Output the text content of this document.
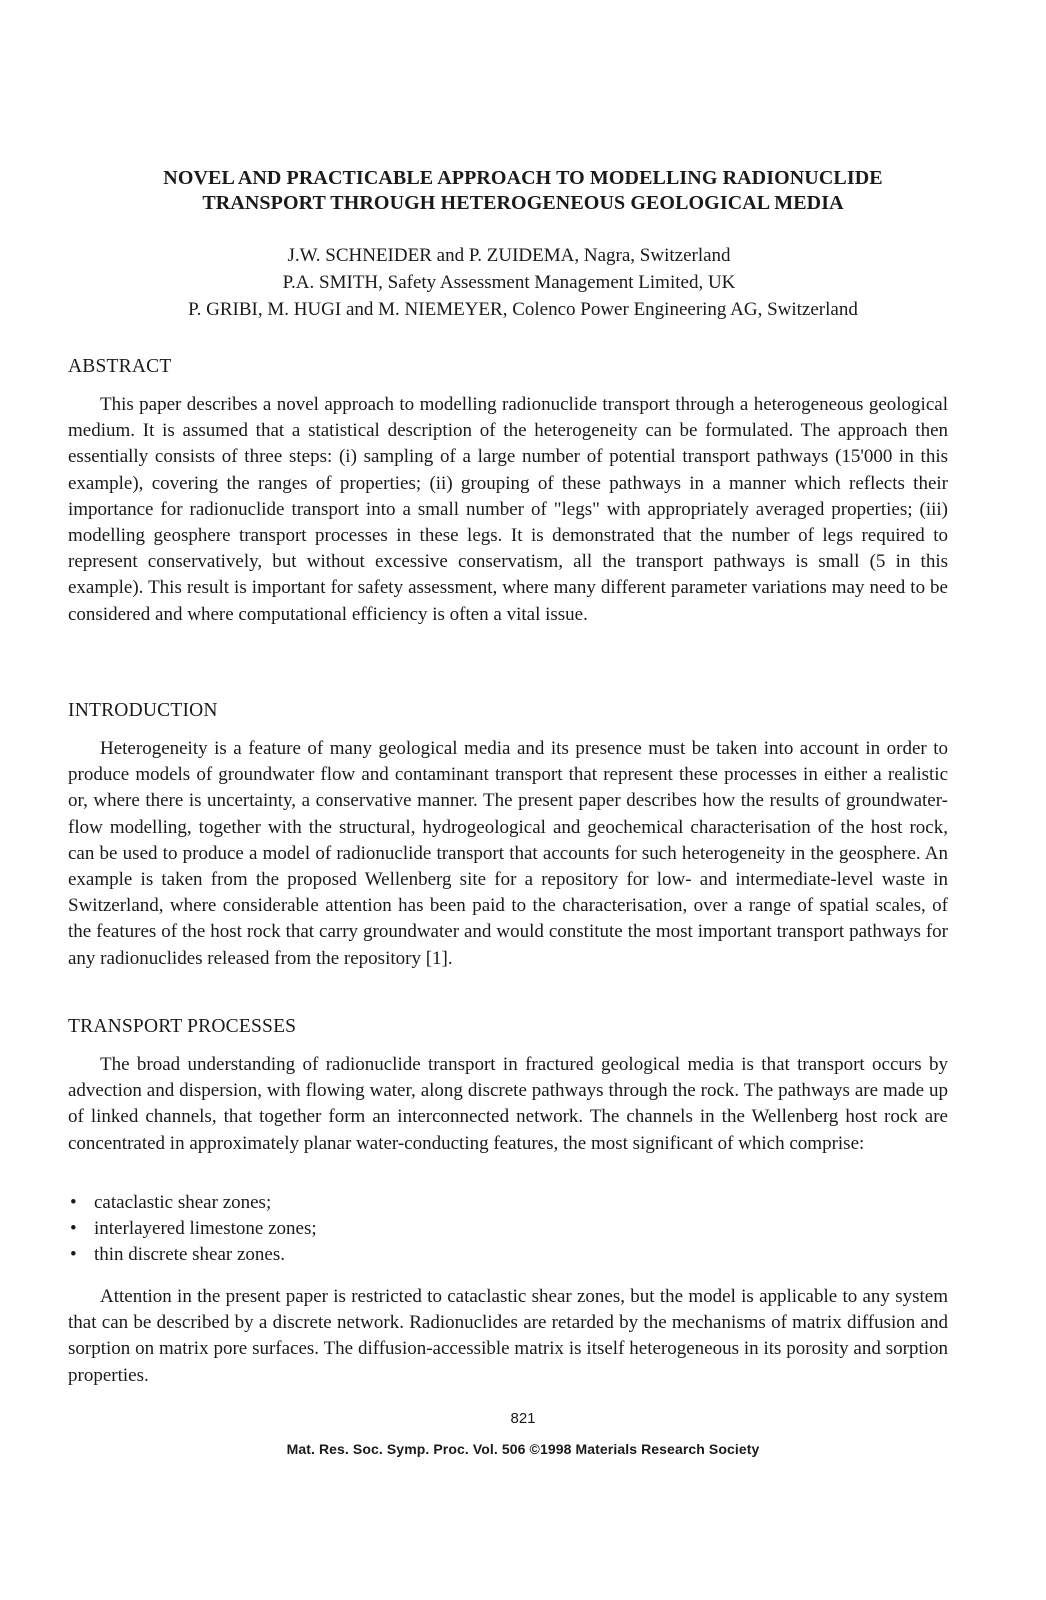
NOVEL AND PRACTICABLE APPROACH TO MODELLING RADIONUCLIDE
TRANSPORT THROUGH HETEROGENEOUS GEOLOGICAL MEDIA
J.W. SCHNEIDER and P. ZUIDEMA, Nagra, Switzerland
P.A. SMITH, Safety Assessment Management Limited, UK
P. GRIBI, M. HUGI and M. NIEMEYER, Colenco Power Engineering AG, Switzerland
ABSTRACT
This paper describes a novel approach to modelling radionuclide transport through a heterogeneous geological medium. It is assumed that a statistical description of the heterogeneity can be formulated. The approach then essentially consists of three steps: (i) sampling of a large number of potential transport pathways (15'000 in this example), covering the ranges of properties; (ii) grouping of these pathways in a manner which reflects their importance for radionuclide transport into a small number of "legs" with appropriately averaged properties; (iii) modelling geosphere transport processes in these legs. It is demonstrated that the number of legs required to represent conservatively, but without excessive conservatism, all the transport pathways is small (5 in this example). This result is important for safety assessment, where many different parameter variations may need to be considered and where computational efficiency is often a vital issue.
INTRODUCTION
Heterogeneity is a feature of many geological media and its presence must be taken into account in order to produce models of groundwater flow and contaminant transport that represent these processes in either a realistic or, where there is uncertainty, a conservative manner. The present paper describes how the results of groundwater-flow modelling, together with the structural, hydrogeological and geochemical characterisation of the host rock, can be used to produce a model of radionuclide transport that accounts for such heterogeneity in the geosphere. An example is taken from the proposed Wellenberg site for a repository for low- and intermediate-level waste in Switzerland, where considerable attention has been paid to the characterisation, over a range of spatial scales, of the features of the host rock that carry groundwater and would constitute the most important transport pathways for any radionuclides released from the repository [1].
TRANSPORT PROCESSES
The broad understanding of radionuclide transport in fractured geological media is that transport occurs by advection and dispersion, with flowing water, along discrete pathways through the rock. The pathways are made up of linked channels, that together form an interconnected network. The channels in the Wellenberg host rock are concentrated in approximately planar water-conducting features, the most significant of which comprise:
• cataclastic shear zones;
• interlayered limestone zones;
• thin discrete shear zones.
Attention in the present paper is restricted to cataclastic shear zones, but the model is applicable to any system that can be described by a discrete network. Radionuclides are retarded by the mechanisms of matrix diffusion and sorption on matrix pore surfaces. The diffusion-accessible matrix is itself heterogeneous in its porosity and sorption properties.
821
Mat. Res. Soc. Symp. Proc. Vol. 506 ©1998 Materials Research Society
